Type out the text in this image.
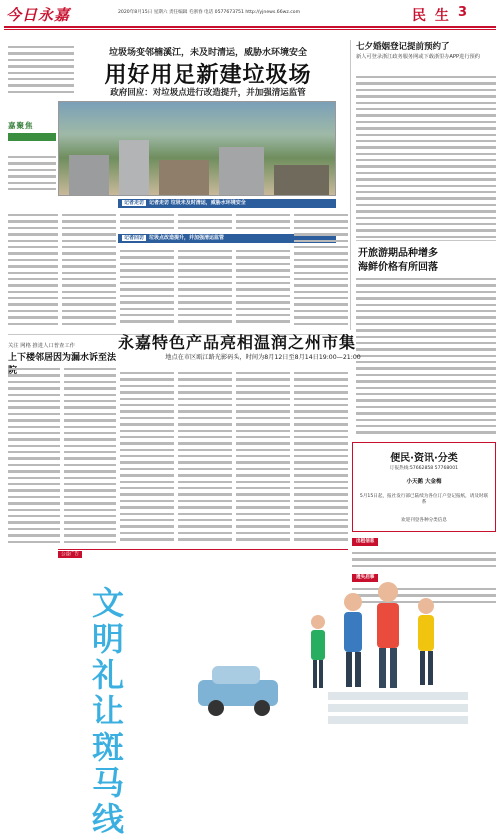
今日永嘉	2020年8月15日 星期六 责任编辑 毛浙春 电话 0577673751 http://yjnews.66wz.com	民 生 3
垃圾场变邻楠溪江，未及时清运，威胁水环境安全
用好用足新建垃圾场
政府回应：对垃圾点进行改造提升，并加强清运监管
嘉聚焦
记者走访 记者走访 垃圾未及时清运，威胁水环境安全
记者回访 垃圾点改造提升，并加强清运监管
七夕婚姻登记提前预约了
新人可登录浙江政务服务网或下载浙里办APP进行预约
开旅游期品种增多
海鲜价格有所回落
关注 网格 推进人口普查工作
上下楼邻居因为漏水诉至法院
永嘉特色产品亮相温润之州市集
地点在市区瓯江路光影码头，时间为8月12日至8月14日19:00—21:00
便民·资讯·分类
订报热线:57662858 57768001
小天鹅 大金梅
5月15日起，报社发行部已陆续为各位订户登记报纸，请及时联系
欢迎刊登各种分类信息
出租信息
遗失启事
公益广告
文明礼让斑马线
